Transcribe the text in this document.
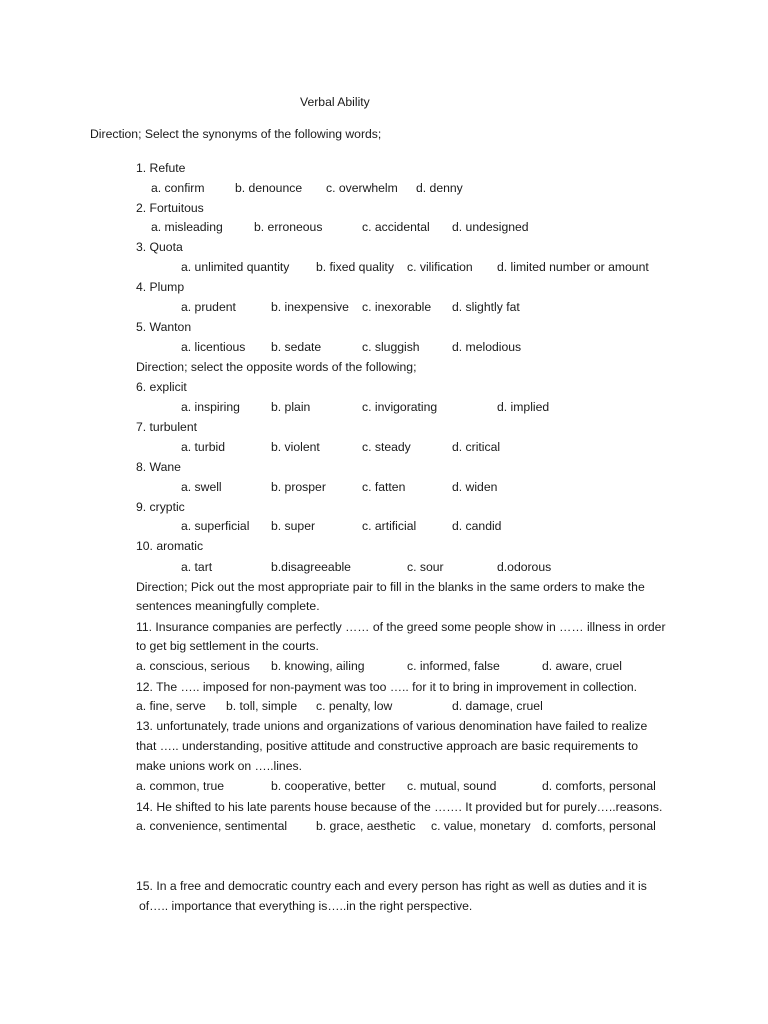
Verbal Ability
Direction; Select the synonyms of the following words;
1. Refute
a. confirm b. denounce c. overwhelm d. denny
2. Fortuitous
a. misleading	b. erroneous	c. accidental d. undesigned
3. Quota
a. unlimited quantity b. fixed quality c. vilification d. limited number or amount
4. Plump
a. prudent	b. inexpensive c. inexorable d. slightly fat
5. Wanton
a. licentious b. sedate	c. sluggish	d. melodious
Direction; select the opposite words of the following;
6. explicit
a. inspiring	b. plain	c. invigorating	d. implied
7. turbulent
a. turbid	b. violent	c. steady	d. critical
8. Wane
a. swell	b. prosper	c. fatten	d. widen
9. cryptic
a. superficial b. super	c. artificial	d. candid
10. aromatic
a. tart	b.disagreeable	c. sour	d.odorous
Direction; Pick out the most appropriate pair to fill in the blanks in the same orders to make the
sentences meaningfully complete.
11. Insurance companies are perfectly …… of the greed some people show in …… illness in order
to get big settlement in the courts.
a. conscious, serious b. knowing, ailing	c. informed, false	d. aware, cruel
12. The ….. imposed for non-payment was too ….. for it to bring in improvement in collection.
a. fine, serve b. toll, simple c. penalty, low	d. damage, cruel
13. unfortunately, trade unions and organizations of various denomination have failed to realize
that ….. understanding, positive attitude and constructive approach are basic requirements to
make unions work on …..lines.
a. common, true	b. cooperative, better c. mutual, sound	d. comforts, personal
14. He shifted to his late parents house because of the ……. It provided but for purely…..reasons.
a. convenience, sentimental b. grace, aesthetic c. value, monetary d. comforts, personal
15. In a free and democratic country each and every person has right as well as duties and it is
of….. importance that everything is…..in the right perspective.
